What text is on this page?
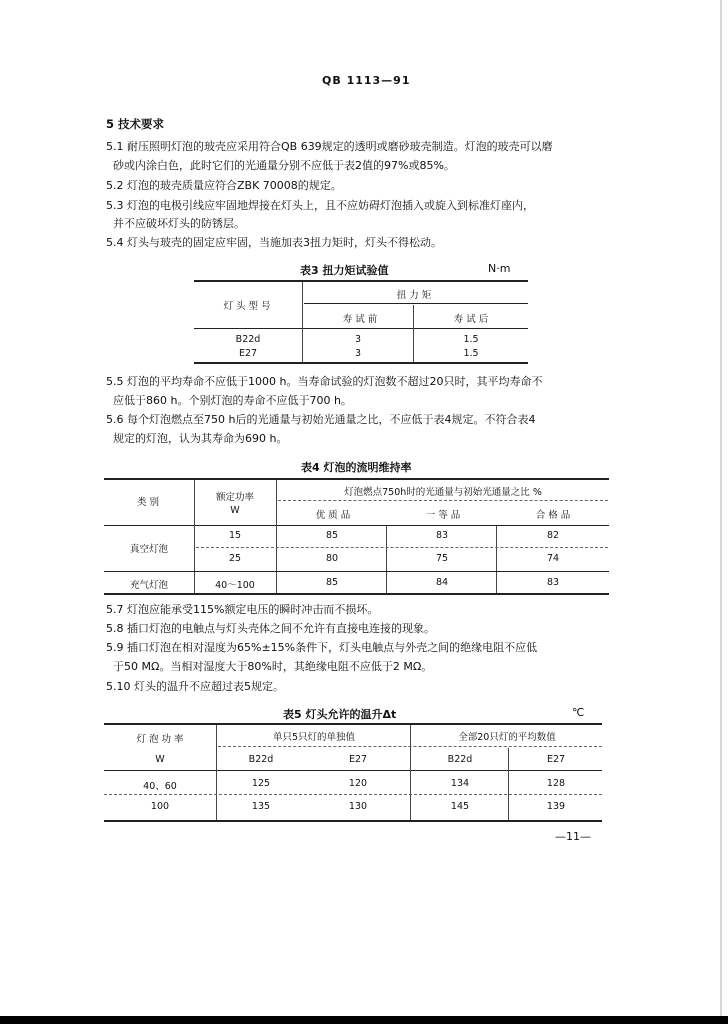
QB 1113—91
5 技术要求
5.1 耐压照明灯泡的玻壳应采用符合QB 639规定的透明或磨砂玻壳制造。灯泡的玻壳可以磨
砂或内涂白色，此时它们的光通量分别不应低于表2值的97%或85%。
5.2 灯泡的玻壳质量应符合ZBK 70008的规定。
5.3 灯泡的电极引线应牢固地焊接在灯头上，且不应妨碍灯泡插入或旋入到标准灯座内，
并不应破坏灯头的防锈层。
5.4 灯头与玻壳的固定应牢固，当施加表3扭力矩时，灯头不得松动。
表3 扭力矩试验值	N·m
灯 头 型 号
扭 力 矩
寿 试 前	寿 试 后
B22d	3	1.5
E27	3	1.5
5.5 灯泡的平均寿命不应低于1000 h。当寿命试验的灯泡数不超过20只时，其平均寿命不
应低于860 h。个别灯泡的寿命不应低于700 h。
5.6 每个灯泡燃点至750 h后的光通量与初始光通量之比，不应低于表4规定。不符合表4
规定的灯泡，认为其寿命为690 h。
表4 灯泡的流明维持率
类 别	额定功率
W
灯泡燃点750h时的光通量与初始光通量之比 %
优 质 品	一 等 品	合 格 品
真空灯泡
15	85	83	82
25	80	75	74
充气灯泡	40～100	85	84	83
5.7 灯泡应能承受115%额定电压的瞬时冲击而不损坏。
5.8 插口灯泡的电触点与灯头壳体之间不允许有直接电连接的现象。
5.9 插口灯泡在相对湿度为65%±15%条件下，灯头电触点与外壳之间的绝缘电阻不应低
于50 MΩ。当相对湿度大于80%时，其绝缘电阻不应低于2 MΩ。
5.10 灯头的温升不应超过表5规定。
表5 灯头允许的温升Δt	℃
灯 泡 功 率
W
单只5只灯的单独值	全部20只灯的平均数值
B22d	E27	B22d	E27
40、60	125	120	134	128
100	135	130	145	139
—11—
